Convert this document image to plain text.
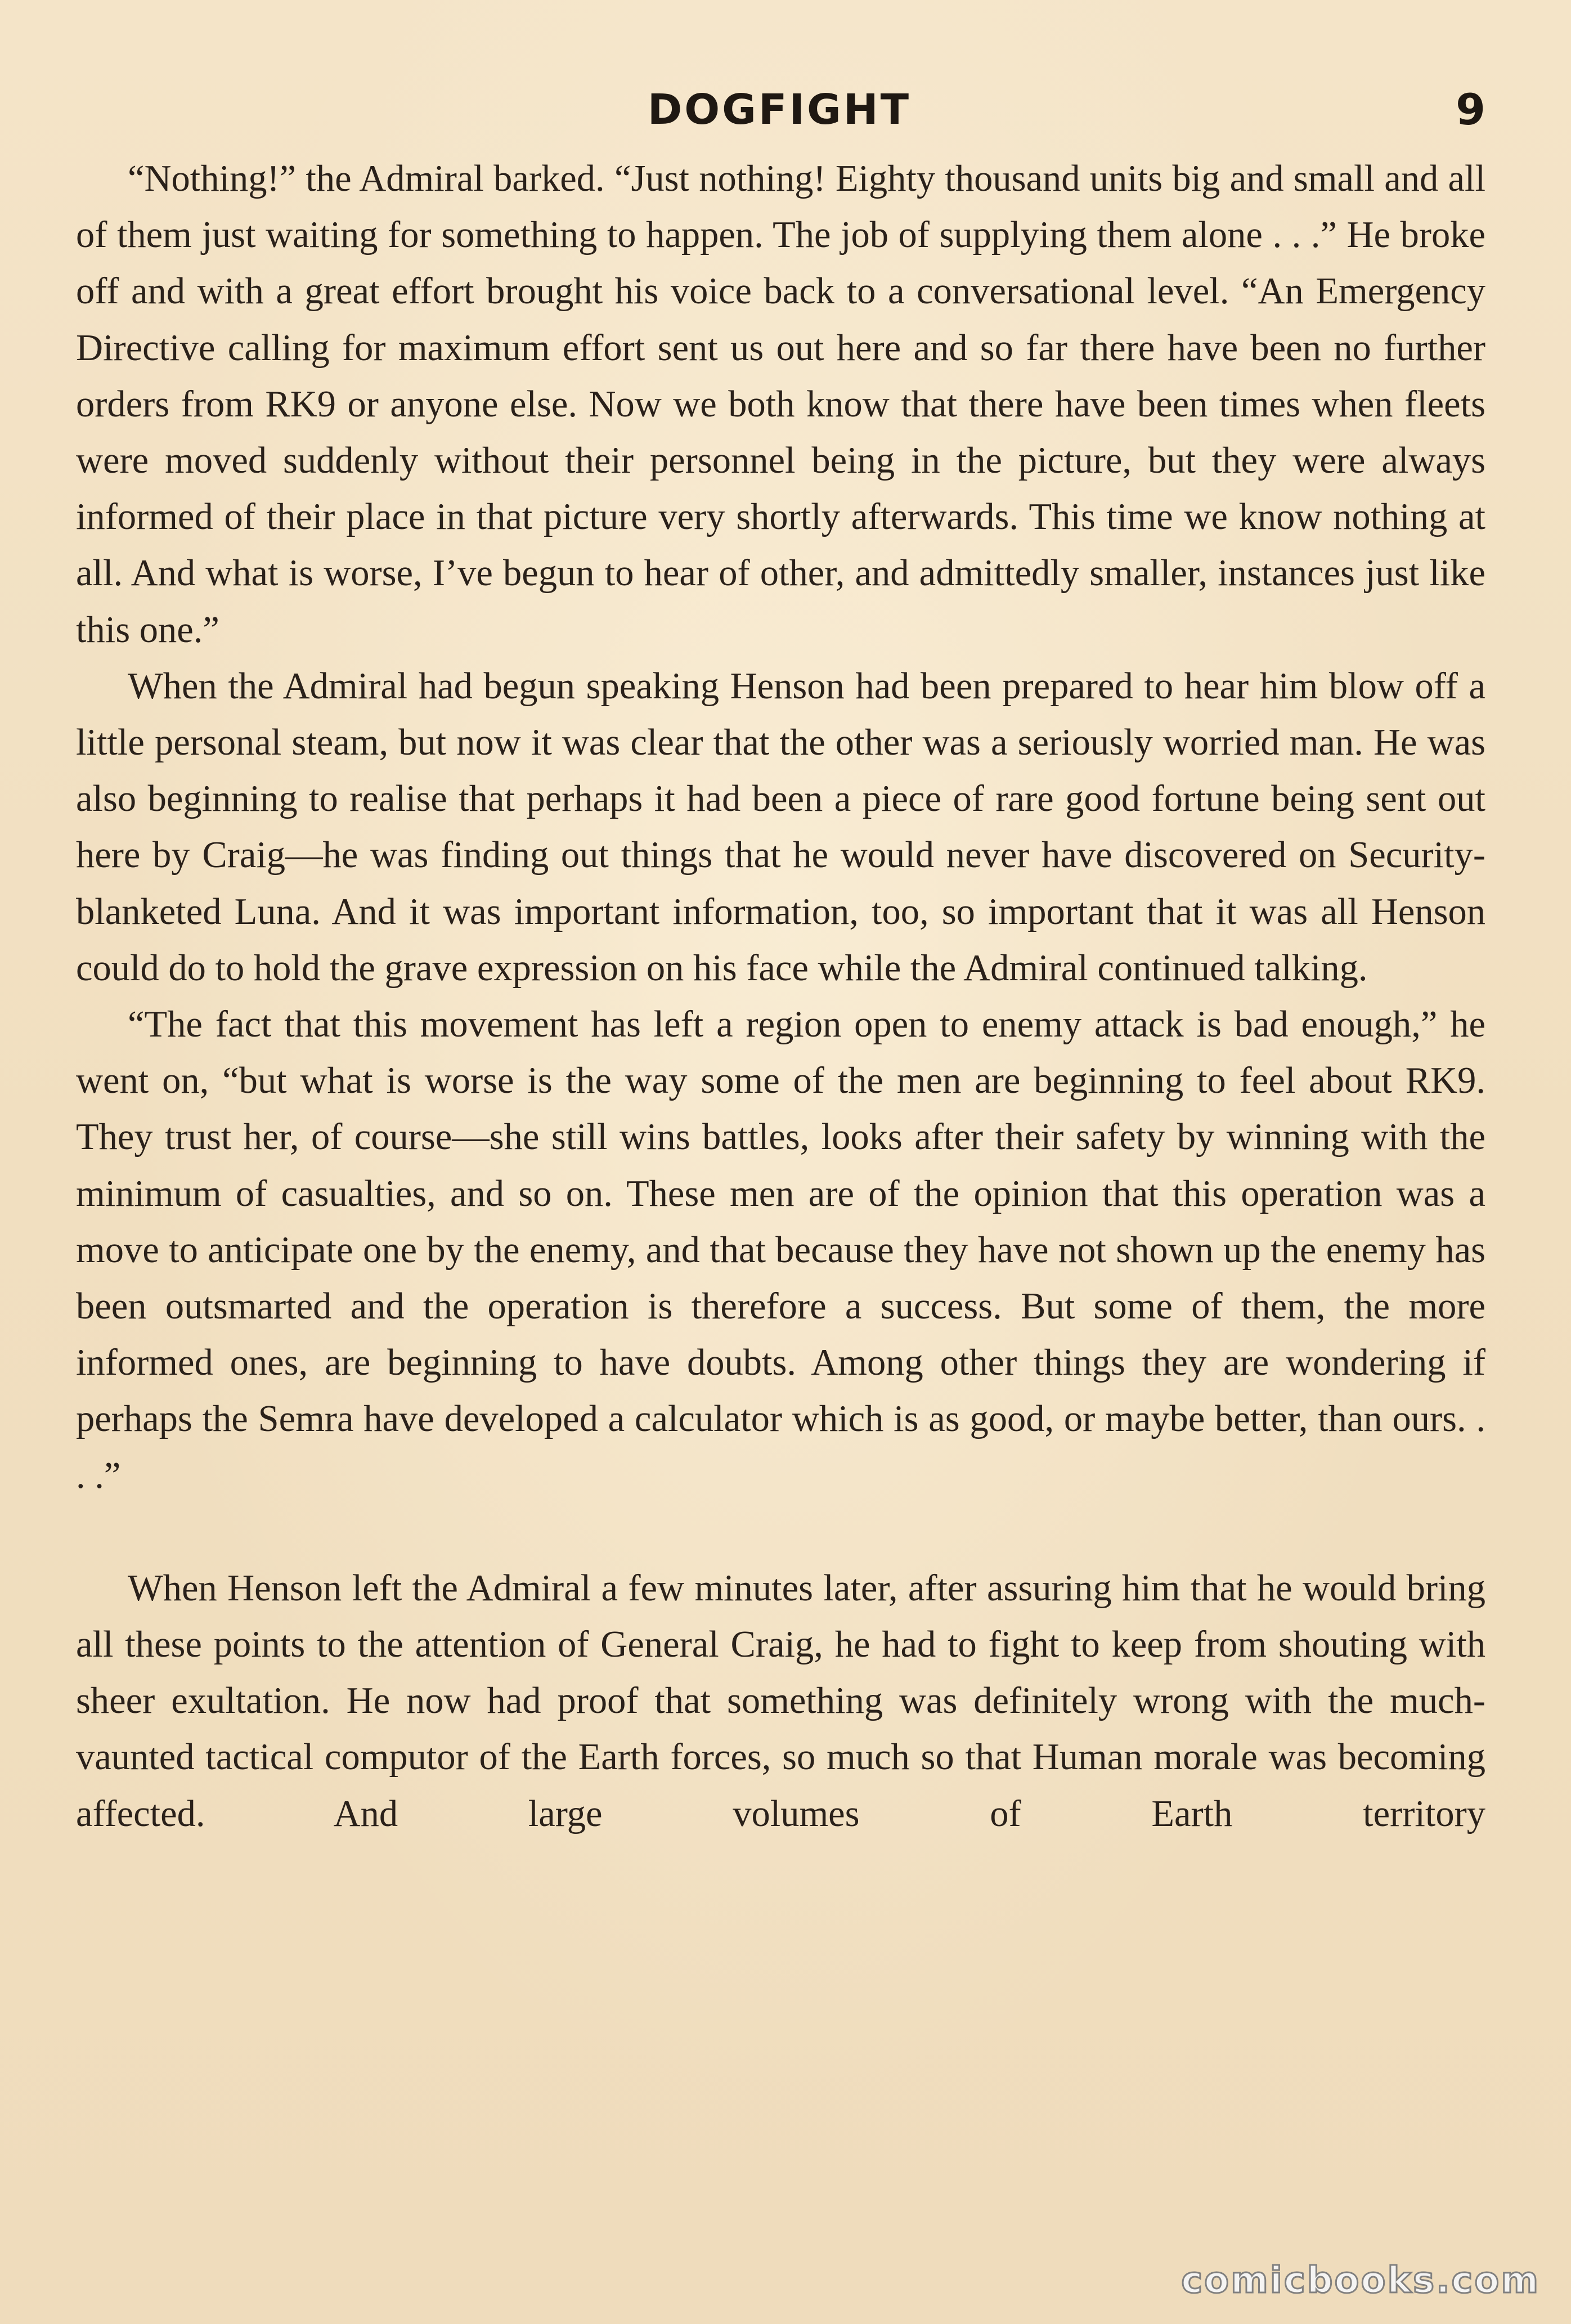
DOGFIGHT	9

“Nothing!” the Admiral barked. “Just nothing! Eighty thousand units big and small and all of them just waiting for something to happen. The job of supplying them alone . . .” He broke off and with a great effort brought his voice back to a conversational level. “An Emergency Directive calling for maximum effort sent us out here and so far there have been no further orders from RK9 or anyone else. Now we both know that there have been times when fleets were moved suddenly without their personnel being in the picture, but they were always informed of their place in that picture very shortly afterwards. This time we know nothing at all. And what is worse, I’ve begun to hear of other, and admittedly smaller, instances just like this one.”

When the Admiral had begun speaking Henson had been prepared to hear him blow off a little personal steam, but now it was clear that the other was a seriously worried man. He was also beginning to realise that perhaps it had been a piece of rare good fortune being sent out here by Craig—he was finding out things that he would never have discovered on Security-blanketed Luna. And it was important information, too, so important that it was all Henson could do to hold the grave expression on his face while the Admiral continued talking.

“The fact that this movement has left a region open to enemy attack is bad enough,” he went on, “but what is worse is the way some of the men are beginning to feel about RK9. They trust her, of course—she still wins battles, looks after their safety by winning with the minimum of casualties, and so on. These men are of the opinion that this operation was a move to anticipate one by the enemy, and that because they have not shown up the enemy has been outsmarted and the operation is therefore a success. But some of them, the more informed ones, are beginning to have doubts. Among other things they are wondering if perhaps the Semra have developed a calculator which is as good, or maybe better, than ours. . . .”

When Henson left the Admiral a few minutes later, after assuring him that he would bring all these points to the attention of General Craig, he had to fight to keep from shouting with sheer exultation. He now had proof that something was definitely wrong with the much-vaunted tactical computor of the Earth forces, so much so that Human morale was becoming affected. And large volumes of Earth territory

comicbooks.com
